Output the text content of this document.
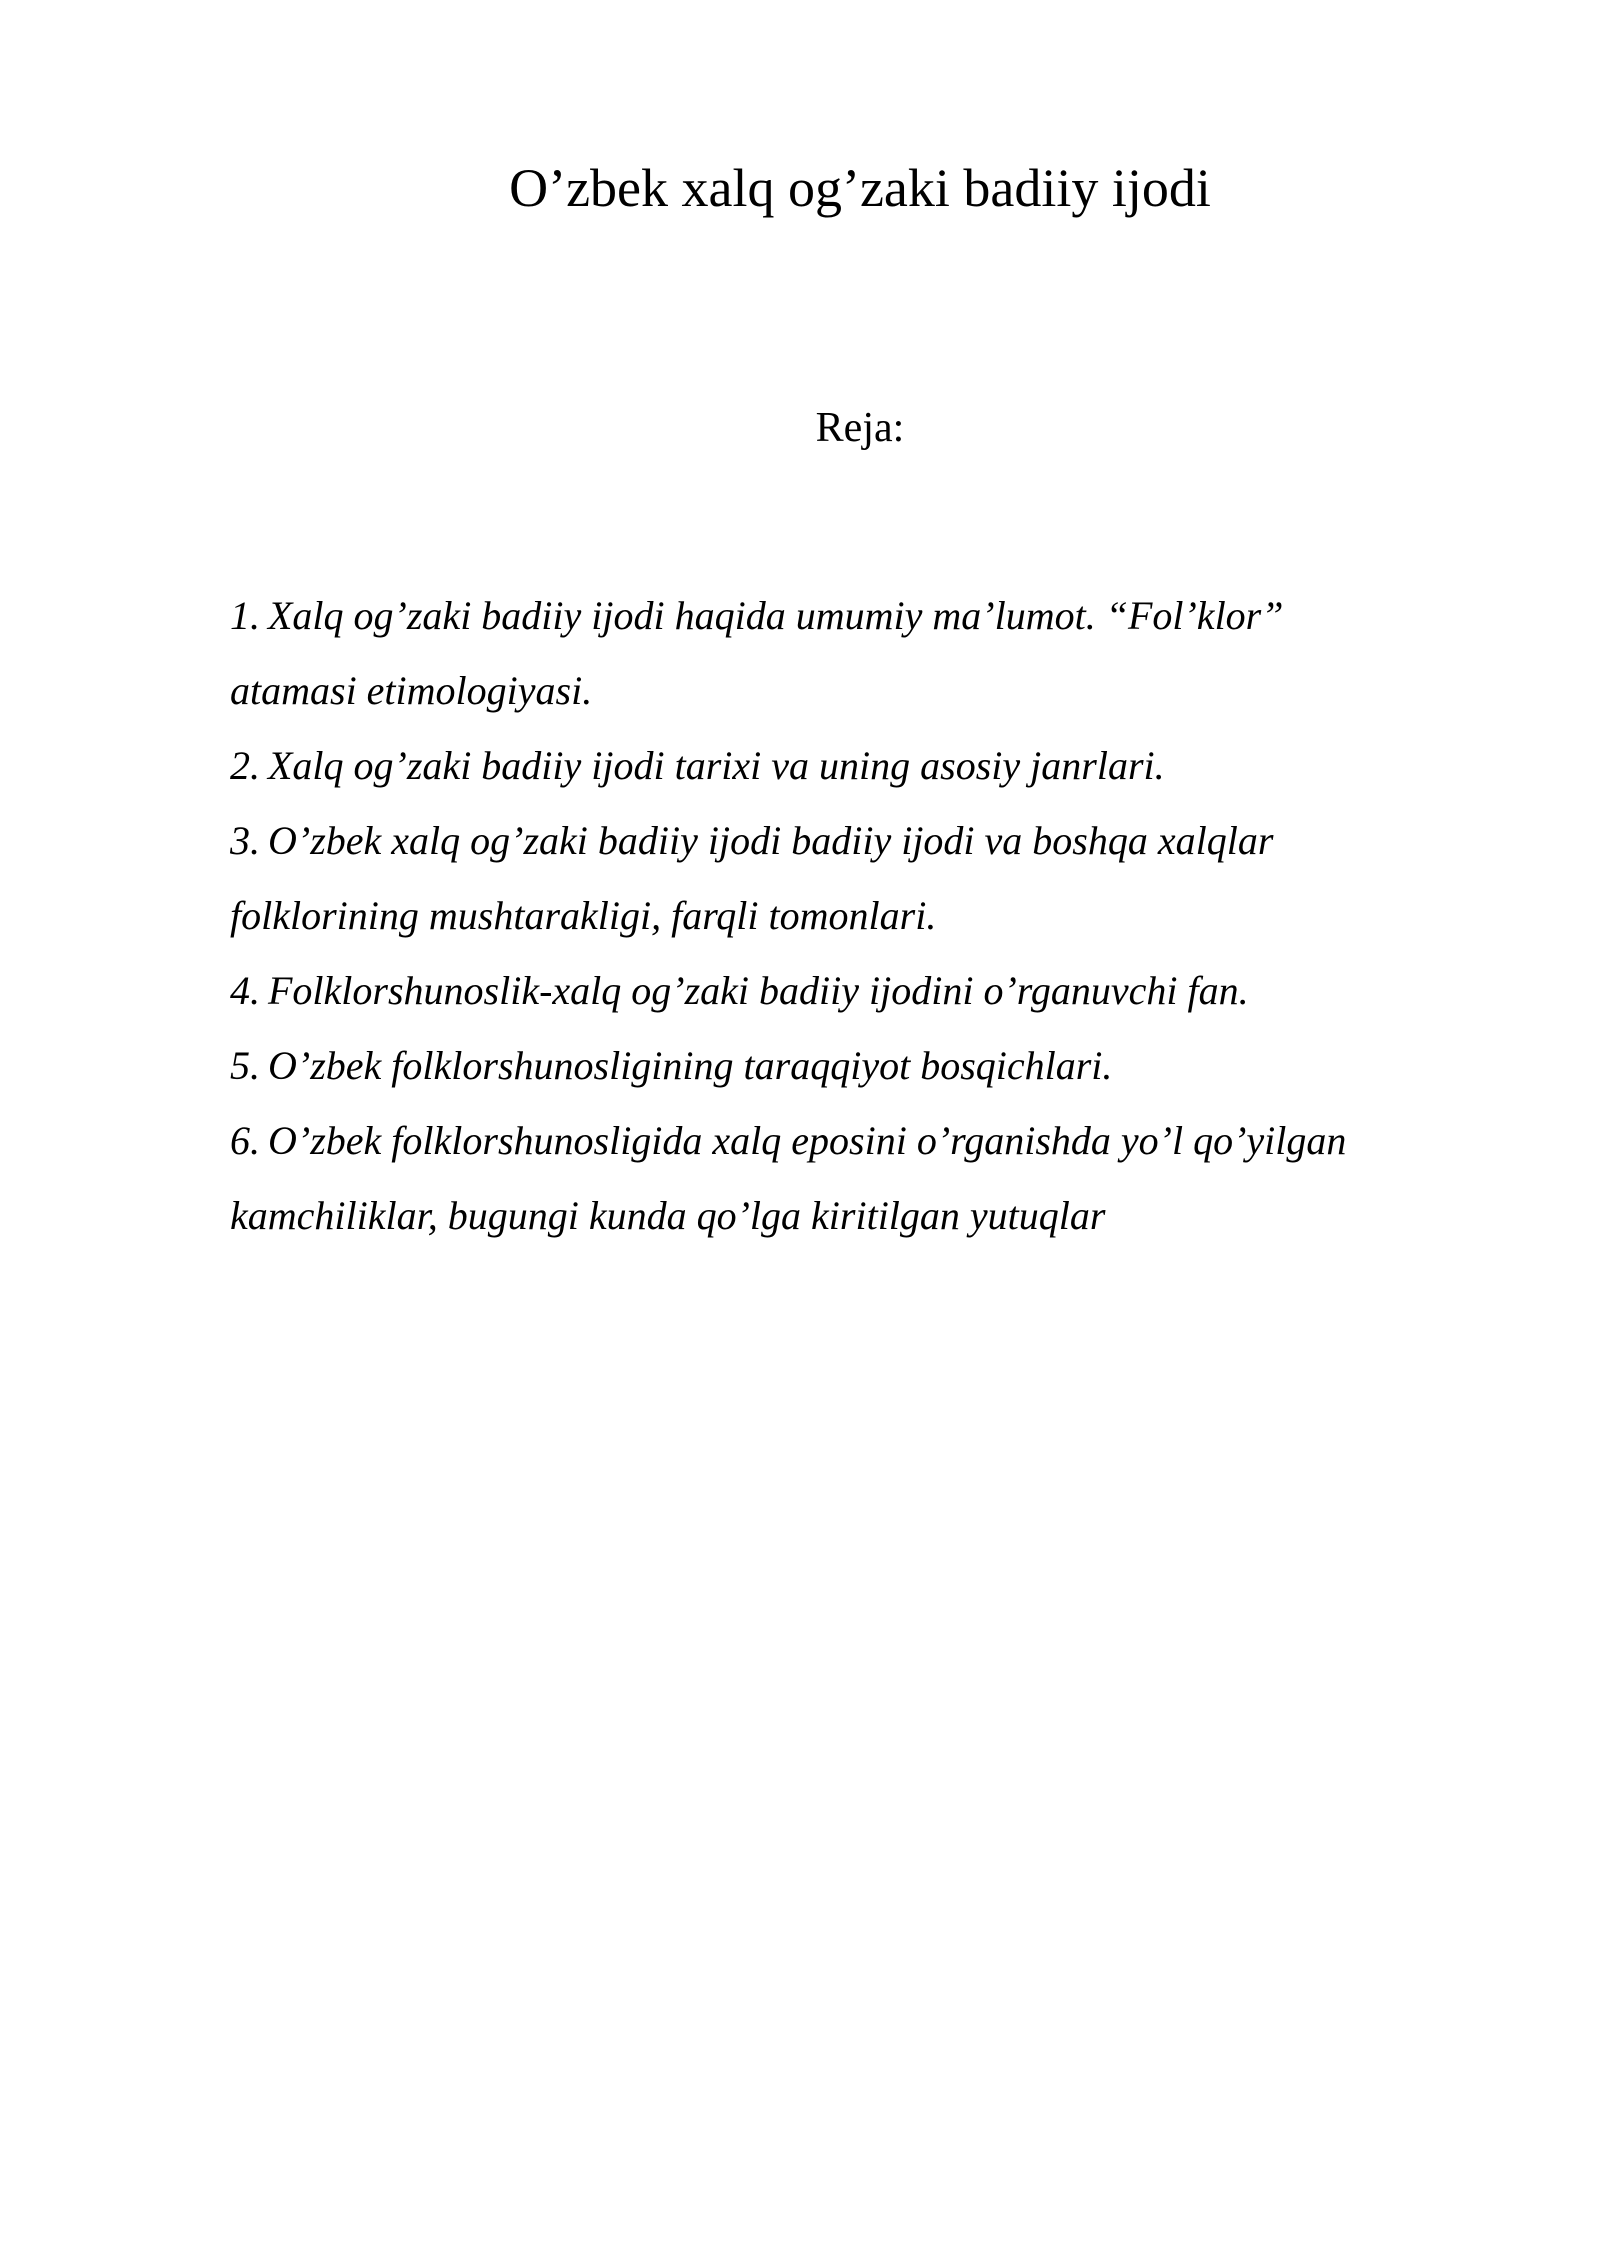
O’zbek xalq og’zaki badiiy ijodi
Reja:
1. Xalq og’zaki badiiy ijodi haqida umumiy ma’lumot. “Fol’klor”
atamasi etimologiyasi.
2. Xalq og’zaki badiiy ijodi tarixi va uning asosiy janrlari.
3. O’zbek xalq og’zaki badiiy ijodi badiiy ijodi va boshqa xalqlar
folklorining mushtarakligi, farqli tomonlari.
4. Folklorshunoslik-xalq og’zaki badiiy ijodini o’rganuvchi fan.
5. O’zbek folklorshunosligining taraqqiyot bosqichlari.
6. O’zbek folklorshunosligida xalq eposini o’rganishda yo’l qo’yilgan
kamchiliklar, bugungi kunda qo’lga kiritilgan yutuqlar
